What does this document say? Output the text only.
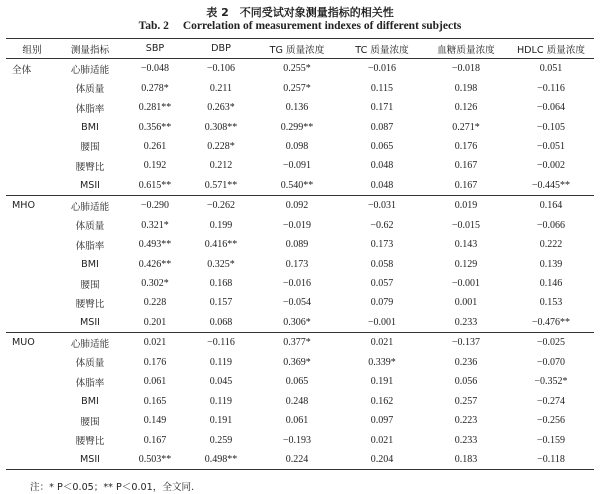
表 2　不同受试对象测量指标的相关性
Tab. 2 Correlation of measurement indexes of different subjects
组别	测量指标	SBP	DBP	TG 质量浓度	TC 质量浓度	血糖质量浓度	HDLC 质量浓度
全体	心肺适能	−0.048	−0.106	0.255*	−0.016	−0.018	0.051
	体质量	0.278*	0.211	0.257*	0.115	0.198	−0.116
	体脂率	0.281**	0.263*	0.136	0.171	0.126	−0.064
	BMI	0.356**	0.308**	0.299**	0.087	0.271*	−0.105
	腰围	0.261	0.228*	0.098	0.065	0.176	−0.051
	腰臀比	0.192	0.212	−0.091	0.048	0.167	−0.002
	MSII	0.615**	0.571**	0.540**	0.048	0.167	−0.445**
MHO	心肺适能	−0.290	−0.262	0.092	−0.031	0.019	0.164
	体质量	0.321*	0.199	−0.019	−0.62	−0.015	−0.066
	体脂率	0.493**	0.416**	0.089	0.173	0.143	0.222
	BMI	0.426**	0.325*	0.173	0.058	0.129	0.139
	腰围	0.302*	0.168	−0.016	0.057	−0.001	0.146
	腰臀比	0.228	0.157	−0.054	0.079	0.001	0.153
	MSII	0.201	0.068	0.306*	−0.001	0.233	−0.476**
MUO	心肺适能	0.021	−0.116	0.377*	0.021	−0.137	−0.025
	体质量	0.176	0.119	0.369*	0.339*	0.236	−0.070
	体脂率	0.061	0.045	0.065	0.191	0.056	−0.352*
	BMI	0.165	0.119	0.248	0.162	0.257	−0.274
	腰围	0.149	0.191	0.061	0.097	0.223	−0.256
	腰臀比	0.167	0.259	−0.193	0.021	0.233	−0.159
	MSII	0.503**	0.498**	0.224	0.204	0.183	−0.118
注：* P＜0.05；** P＜0.01，全文同.
